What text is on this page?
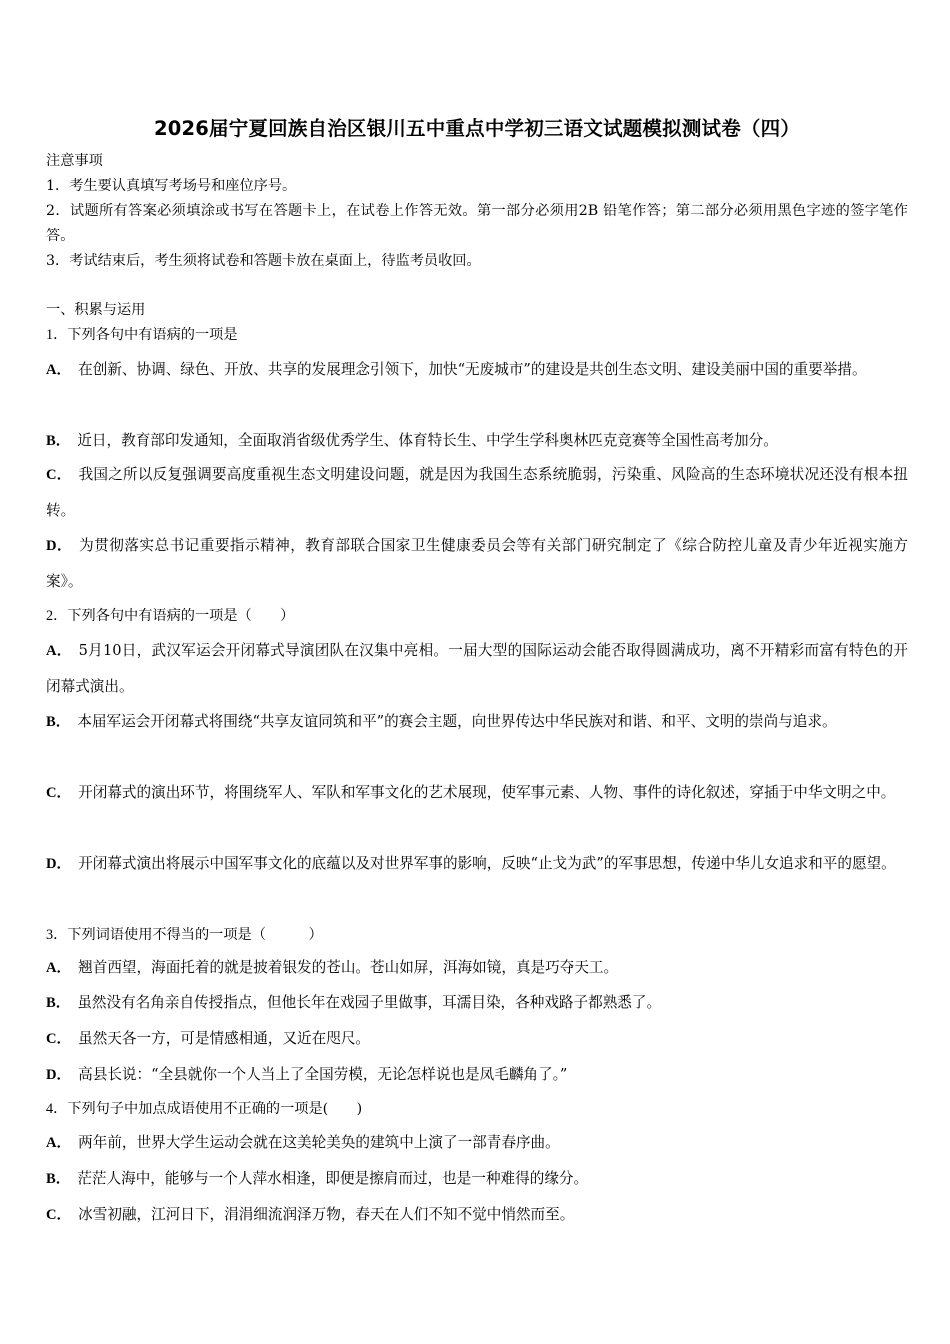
2026届宁夏回族自治区银川五中重点中学初三语文试题模拟测试卷（四）
注意事项
1．考生要认真填写考场号和座位序号。
2．试题所有答案必须填涂或书写在答题卡上，在试卷上作答无效。第一部分必须用2B 铅笔作答；第二部分必须用黑色字迹的签字笔作答。
3．考试结束后，考生须将试卷和答题卡放在桌面上，待监考员收回。
一、积累与运用
1．下列各句中有语病的一项是
A． 在创新、协调、绿色、开放、共享的发展理念引领下，加快“无废城市”的建设是共创生态文明、建设美丽中国的重要举措。
B． 近日，教育部印发通知，全面取消省级优秀学生、体育特长生、中学生学科奥林匹克竞赛等全国性高考加分。
C． 我国之所以反复强调要高度重视生态文明建设问题，就是因为我国生态系统脆弱，污染重、风险高的生态环境状况还没有根本扭转。
D． 为贯彻落实总书记重要指示精神，教育部联合国家卫生健康委员会等有关部门研究制定了《综合防控儿童及青少年近视实施方案》。
2．下列各句中有语病的一项是（　　）
A． 5月10日，武汉军运会开闭幕式导演团队在汉集中亮相。一届大型的国际运动会能否取得圆满成功，离不开精彩而富有特色的开闭幕式演出。
B． 本届军运会开闭幕式将围绕“共享友谊同筑和平”的赛会主题，向世界传达中华民族对和谐、和平、文明的崇尚与追求。
C． 开闭幕式的演出环节，将围绕军人、军队和军事文化的艺术展现，使军事元素、人物、事件的诗化叙述，穿插于中华文明之中。
D． 开闭幕式演出将展示中国军事文化的底蕴以及对世界军事的影响，反映“止戈为武”的军事思想，传递中华儿女追求和平的愿望。
3．下列词语使用不得当的一项是（　　　）
A． 翘首西望，海面托着的就是披着银发的苍山。苍山如屏，洱海如镜，真是巧夺天工。
B． 虽然没有名角亲自传授指点，但他长年在戏园子里做事，耳濡目染，各种戏路子都熟悉了。
C． 虽然天各一方，可是情感相通，又近在咫尺。
D． 高县长说：“全县就你一个人当上了全国劳模，无论怎样说也是凤毛麟角了。”
4．下列句子中加点成语使用不正确的一项是(　　)
A． 两年前，世界大学生运动会就在这美轮美奂的建筑中上演了一部青春序曲。
B． 茫茫人海中，能够与一个人萍水相逢，即便是擦肩而过，也是一种难得的缘分。
C． 冰雪初融，江河日下，涓涓细流润泽万物，春天在人们不知不觉中悄然而至。
